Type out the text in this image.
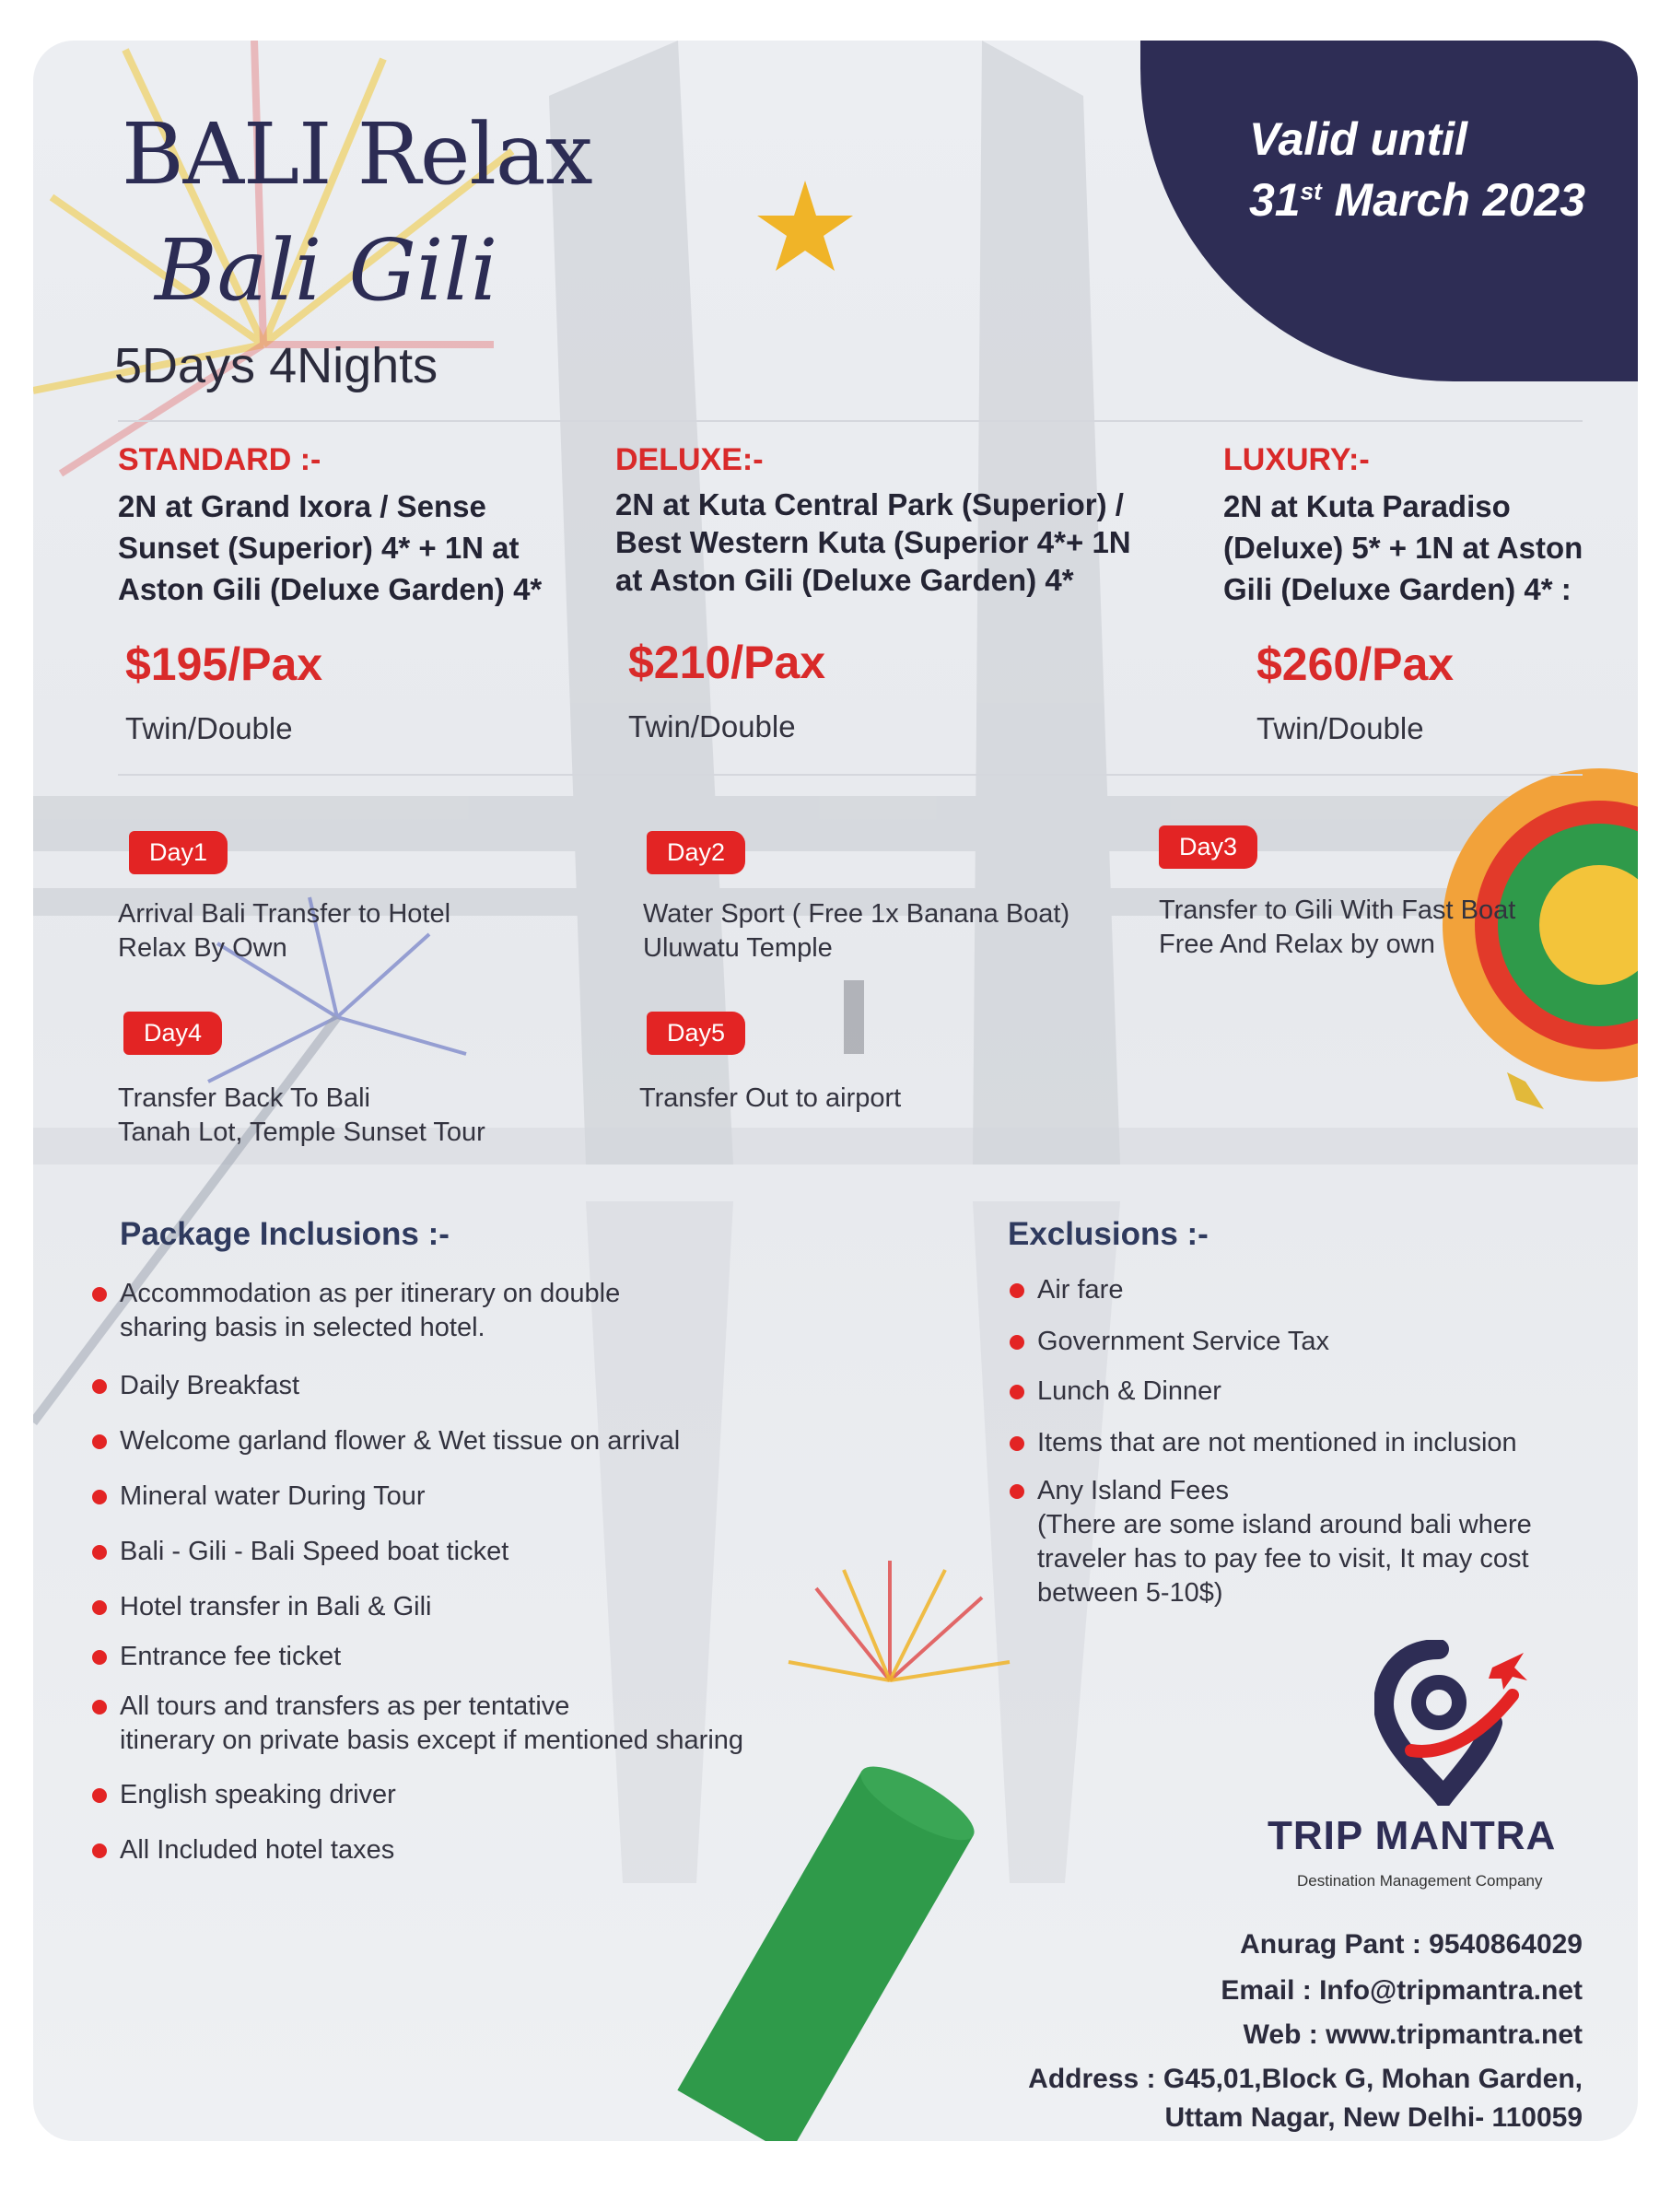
BALI Relax
Bali Gili
5Days 4Nights
Valid until
31st March 2023
STANDARD :-
2N at Grand Ixora / Sense
Sunset (Superior) 4* + 1N at
Aston Gili (Deluxe Garden) 4*
$195/Pax
Twin/Double
DELUXE:-
2N at Kuta Central Park (Superior) /
Best Western Kuta (Superior 4*+ 1N
at Aston Gili (Deluxe Garden) 4*
$210/Pax
Twin/Double
LUXURY:-
2N at Kuta Paradiso
(Deluxe) 5* + 1N at Aston
Gili (Deluxe Garden) 4* :
$260/Pax
Twin/Double
Day1
Arrival Bali Transfer to Hotel
Relax By Own
Day2
Water Sport ( Free 1x Banana Boat)
Uluwatu Temple
Day3
Transfer to Gili With Fast Boat
Free And Relax by own
Day4
Transfer Back To Bali
Tanah Lot, Temple Sunset Tour
Day5
Transfer Out to airport
Package Inclusions :-
Accommodation as per itinerary on double
sharing basis in selected hotel.
Daily Breakfast
Welcome garland flower & Wet tissue on arrival
Mineral water During Tour
Bali - Gili - Bali Speed boat ticket
Hotel transfer in Bali & Gili
Entrance fee ticket
All tours and transfers as per tentative
itinerary on private basis except if mentioned sharing
English speaking driver
All Included hotel taxes
Exclusions :-
Air fare
Government Service Tax
Lunch & Dinner
Items that are not mentioned in inclusion
Any Island Fees
(There are some island around bali where
traveler has to pay fee to visit, It may cost
between 5-10$)
TRIP MANTRA
Destination Management Company
Anurag Pant : 9540864029
Email : Info@tripmantra.net
Web : www.tripmantra.net
Address : G45,01,Block G, Mohan Garden,
Uttam Nagar, New Delhi- 110059
